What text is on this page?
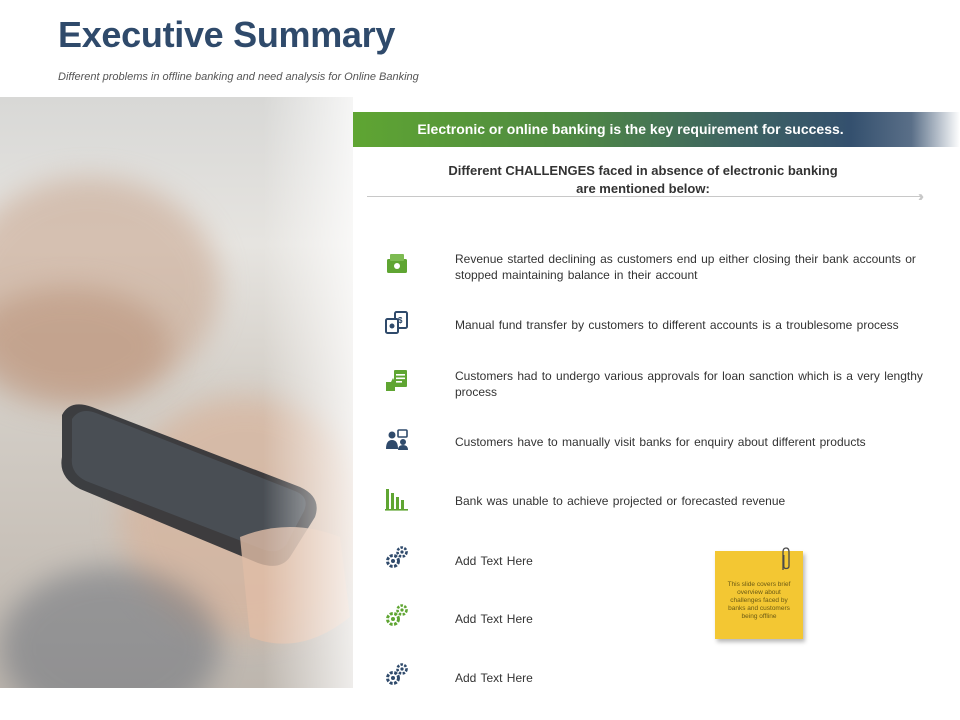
Executive Summary
Different problems in offline banking and need analysis for Online Banking
Electronic or online banking is the key requirement for success.
Different CHALLENGES faced in absence of electronic banking are mentioned below:	››
Revenue started declining as customers end up either closing their bank accounts or stopped maintaining balance in their account
$	Manual fund transfer by customers to different accounts is a troublesome process
Customers had to undergo various approvals for loan sanction which is a very lengthy process
Customers have to manually visit banks for enquiry about different products
Bank was unable to achieve projected or forecasted revenue
Add Text Here
Add Text Here
Add Text Here
This slide covers brief overview about challenges faced by banks and customers being offline
